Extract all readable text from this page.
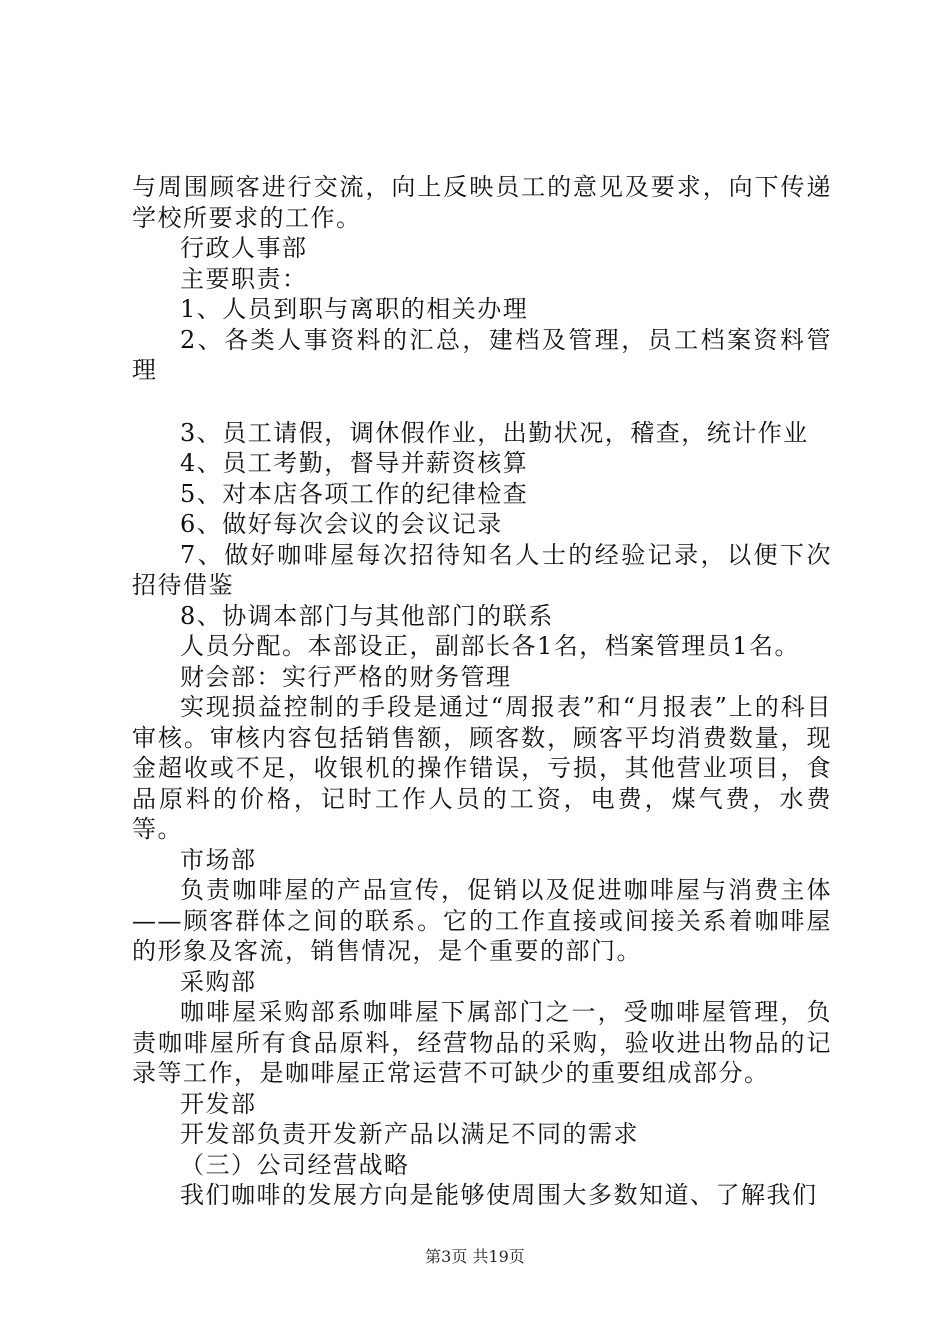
与周围顾客进行交流，向上反映员工的意见及要求，向下传递学校所要求的工作。

行政人事部

主要职责：

1、人员到职与离职的相关办理

2、各类人事资料的汇总，建档及管理，员工档案资料管理

3、员工请假，调休假作业，出勤状况，稽查，统计作业

4、员工考勤，督导并薪资核算

5、对本店各项工作的纪律检查

6、做好每次会议的会议记录

7、做好咖啡屋每次招待知名人士的经验记录，以便下次招待借鉴

8、协调本部门与其他部门的联系

人员分配。本部设正，副部长各1名，档案管理员1名。

财会部：实行严格的财务管理

实现损益控制的手段是通过“周报表”和“月报表”上的科目审核。审核内容包括销售额，顾客数，顾客平均消费数量，现金超收或不足，收银机的操作错误，亏损，其他营业项目，食品原料的价格，记时工作人员的工资，电费，煤气费，水费等。

市场部

负责咖啡屋的产品宣传，促销以及促进咖啡屋与消费主体——顾客群体之间的联系。它的工作直接或间接关系着咖啡屋的形象及客流，销售情况，是个重要的部门。

采购部

咖啡屋采购部系咖啡屋下属部门之一，受咖啡屋管理，负责咖啡屋所有食品原料，经营物品的采购，验收进出物品的记录等工作，是咖啡屋正常运营不可缺少的重要组成部分。

开发部

开发部负责开发新产品以满足不同的需求

（三）公司经营战略

我们咖啡的发展方向是能够使周围大多数知道、了解我们

第3页 共19页
